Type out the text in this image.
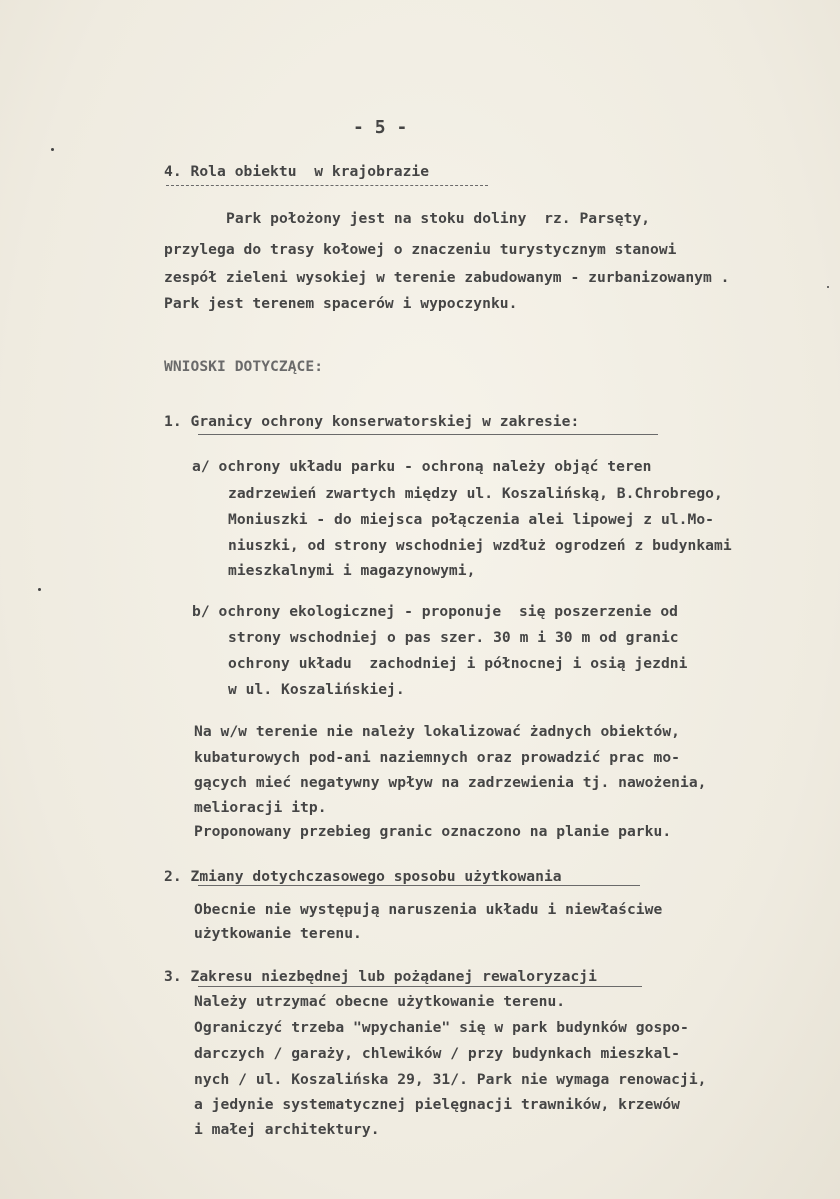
- 5 -
4. Rola obiektu  w krajobrazie
Park położony jest na stoku doliny  rz. Parsęty,
przylega do trasy kołowej o znaczeniu turystycznym stanowi
zespół zieleni wysokiej w terenie zabudowanym - zurbanizowanym .
Park jest terenem spacerów i wypoczynku.
WNIOSKI DOTYCZĄCE:
1. Granicy ochrony konserwatorskiej w zakresie:
a/ ochrony układu parku - ochroną należy objąć teren
zadrzewień zwartych między ul. Koszalińską, B.Chrobrego,
Moniuszki - do miejsca połączenia alei lipowej z ul.Mo-
niuszki, od strony wschodniej wzdłuż ogrodzeń z budynkami
mieszkalnymi i magazynowymi,
b/ ochrony ekologicznej - proponuje  się poszerzenie od
strony wschodniej o pas szer. 30 m i 30 m od granic
ochrony układu  zachodniej i północnej i osią jezdni
w ul. Koszalińskiej.
Na w/w terenie nie należy lokalizować żadnych obiektów,
kubaturowych pod-ani naziemnych oraz prowadzić prac mo-
gących mieć negatywny wpływ na zadrzewienia tj. nawożenia,
melioracji itp.
Proponowany przebieg granic oznaczono na planie parku.
2. Zmiany dotychczasowego sposobu użytkowania
Obecnie nie występują naruszenia układu i niewłaściwe
użytkowanie terenu.
3. Zakresu niezbędnej lub pożądanej rewaloryzacji
Należy utrzymać obecne użytkowanie terenu.
Ograniczyć trzeba "wpychanie" się w park budynków gospo-
darczych / garaży, chlewików / przy budynkach mieszkal-
nych / ul. Koszalińska 29, 31/. Park nie wymaga renowacji,
a jedynie systematycznej pielęgnacji trawników, krzewów
i małej architektury.
